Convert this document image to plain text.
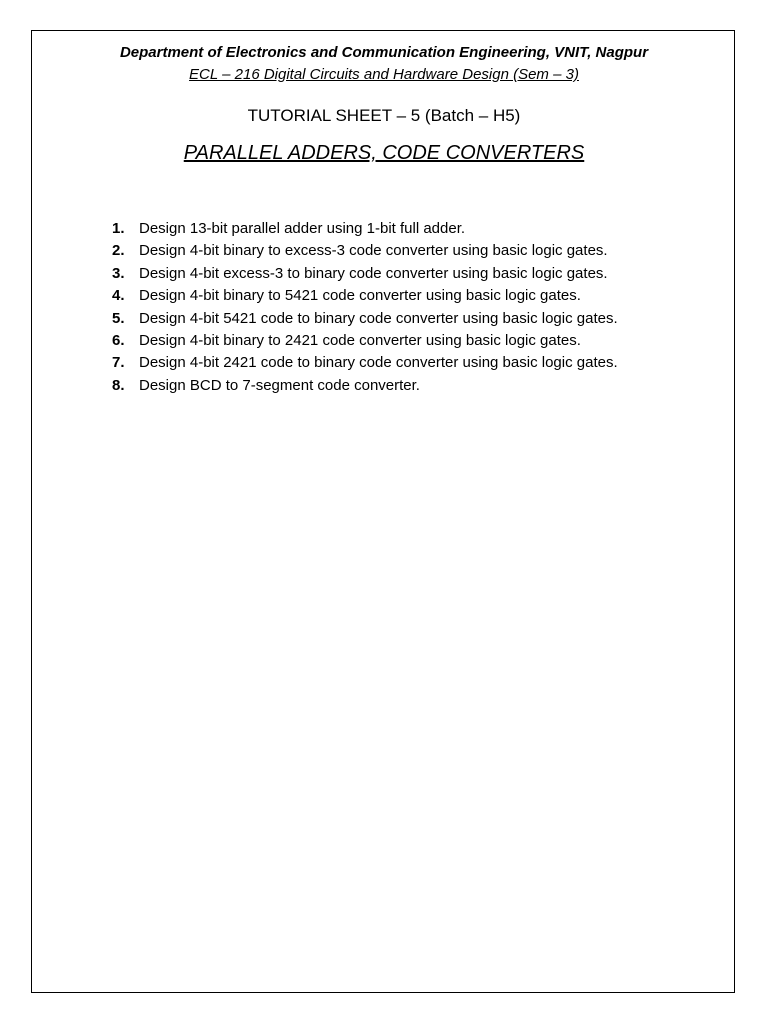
Department of Electronics and Communication Engineering, VNIT, Nagpur
ECL – 216 Digital Circuits and Hardware Design (Sem – 3)
TUTORIAL SHEET – 5 (Batch – H5)
PARALLEL ADDERS, CODE CONVERTERS
1. Design 13-bit parallel adder using 1-bit full adder.
2. Design 4-bit binary to excess-3 code converter using basic logic gates.
3. Design 4-bit excess-3 to binary code converter using basic logic gates.
4. Design 4-bit binary to 5421 code converter using basic logic gates.
5. Design 4-bit 5421 code to binary code converter using basic logic gates.
6. Design 4-bit binary to 2421 code converter using basic logic gates.
7. Design 4-bit 2421 code to binary code converter using basic logic gates.
8. Design BCD to 7-segment code converter.
